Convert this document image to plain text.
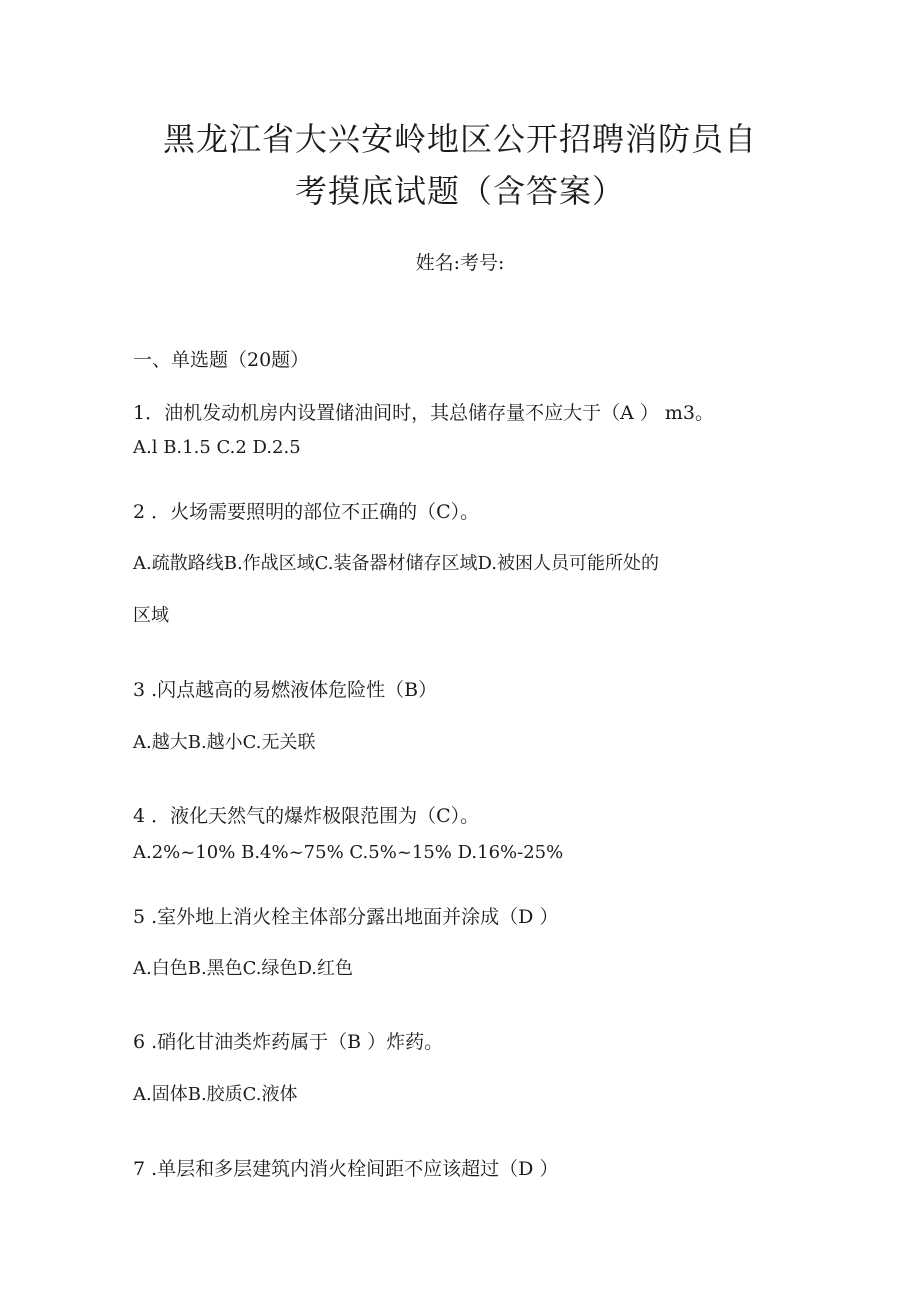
黑龙江省大兴安岭地区公开招聘消防员自
考摸底试题（含答案）
姓名:考号:
一、单选题（20题）
1．油机发动机房内设置储油间时，其总储存量不应大于（A ） m3。
A.l B.1.5 C.2 D.2.5
2 ．火场需要照明的部位不正确的（C）。
A.疏散路线B.作战区域C.装备器材储存区域D.被困人员可能所处的
区域
3 .闪点越高的易燃液体危险性（B）
A.越大B.越小C.无关联
4 ．液化天然气的爆炸极限范围为（C）。
A.2%~10% B.4%~75% C.5%~15% D.16%-25%
5 .室外地上消火栓主体部分露出地面并涂成（D ）
A.白色B.黑色C.绿色D.红色
6 .硝化甘油类炸药属于（B ）炸药。
A.固体B.胶质C.液体
7 .单层和多层建筑内消火栓间距不应该超过（D ）
